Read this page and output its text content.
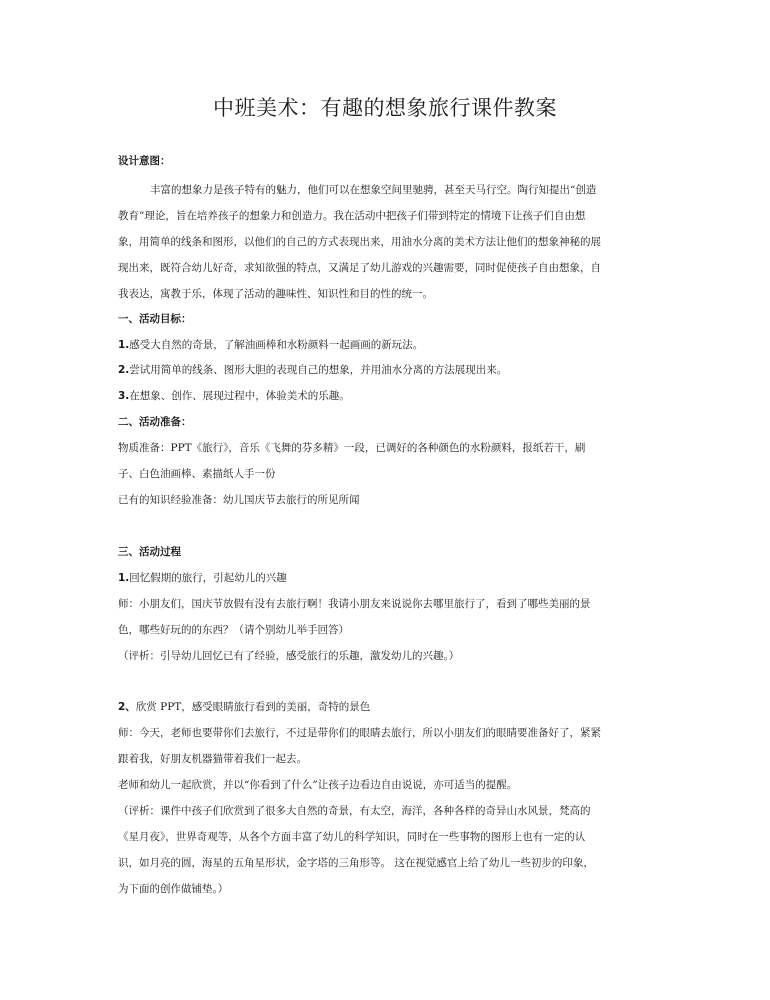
中班美术：有趣的想象旅行课件教案
设计意图：
丰富的想象力是孩子特有的魅力，他们可以在想象空间里驰骋，甚至天马行空。陶行知提出“创造
教育”理论，旨在培养孩子的想象力和创造力。我在活动中把孩子们带到特定的情境下让孩子们自由想
象，用简单的线条和图形，以他们的自己的方式表现出来，用油水分离的美术方法让他们的想象神秘的展
现出来，既符合幼儿好奇，求知欲强的特点，又满足了幼儿游戏的兴趣需要，同时促使孩子自由想象，自
我表达，寓教于乐，体现了活动的趣味性、知识性和目的性的统一。
一、活动目标：
1.感受大自然的奇景，了解油画棒和水粉颜料一起画画的新玩法。
2.尝试用简单的线条、图形大胆的表现自己的想象，并用油水分离的方法展现出来。
3.在想象、创作、展现过程中，体验美术的乐趣。
二、活动准备：
物质准备：PPT《旅行》，音乐《飞舞的芬多精》一段，已调好的各种颜色的水粉颜料，报纸若干，刷
子、白色油画棒、素描纸人手一份
已有的知识经验准备：幼儿国庆节去旅行的所见所闻
三、活动过程
1.回忆假期的旅行，引起幼儿的兴趣
师：小朋友们，国庆节放假有没有去旅行啊！我请小朋友来说说你去哪里旅行了，看到了哪些美丽的景
色，哪些好玩的的东西？（请个别幼儿举手回答）
（评析：引导幼儿回忆已有了经验，感受旅行的乐趣，激发幼儿的兴趣。）
2、欣赏 PPT，感受眼睛旅行看到的美丽，奇特的景色
师：今天，老师也要带你们去旅行，不过是带你们的眼睛去旅行，所以小朋友们的眼睛要准备好了，紧紧
跟着我，好朋友机器猫带着我们一起去。
老师和幼儿一起欣赏，并以“你看到了什么”让孩子边看边自由说说，亦可适当的提醒。
（评析：课件中孩子们欣赏到了很多大自然的奇景，有太空，海洋，各种各样的奇异山水风景，梵高的
《星月夜》，世界奇观等，从各个方面丰富了幼儿的科学知识，同时在一些事物的图形上也有一定的认
识，如月亮的圆，海星的五角星形状，金字塔的三角形等。 这在视觉感官上给了幼儿一些初步的印象，
为下面的创作做铺垫。）
